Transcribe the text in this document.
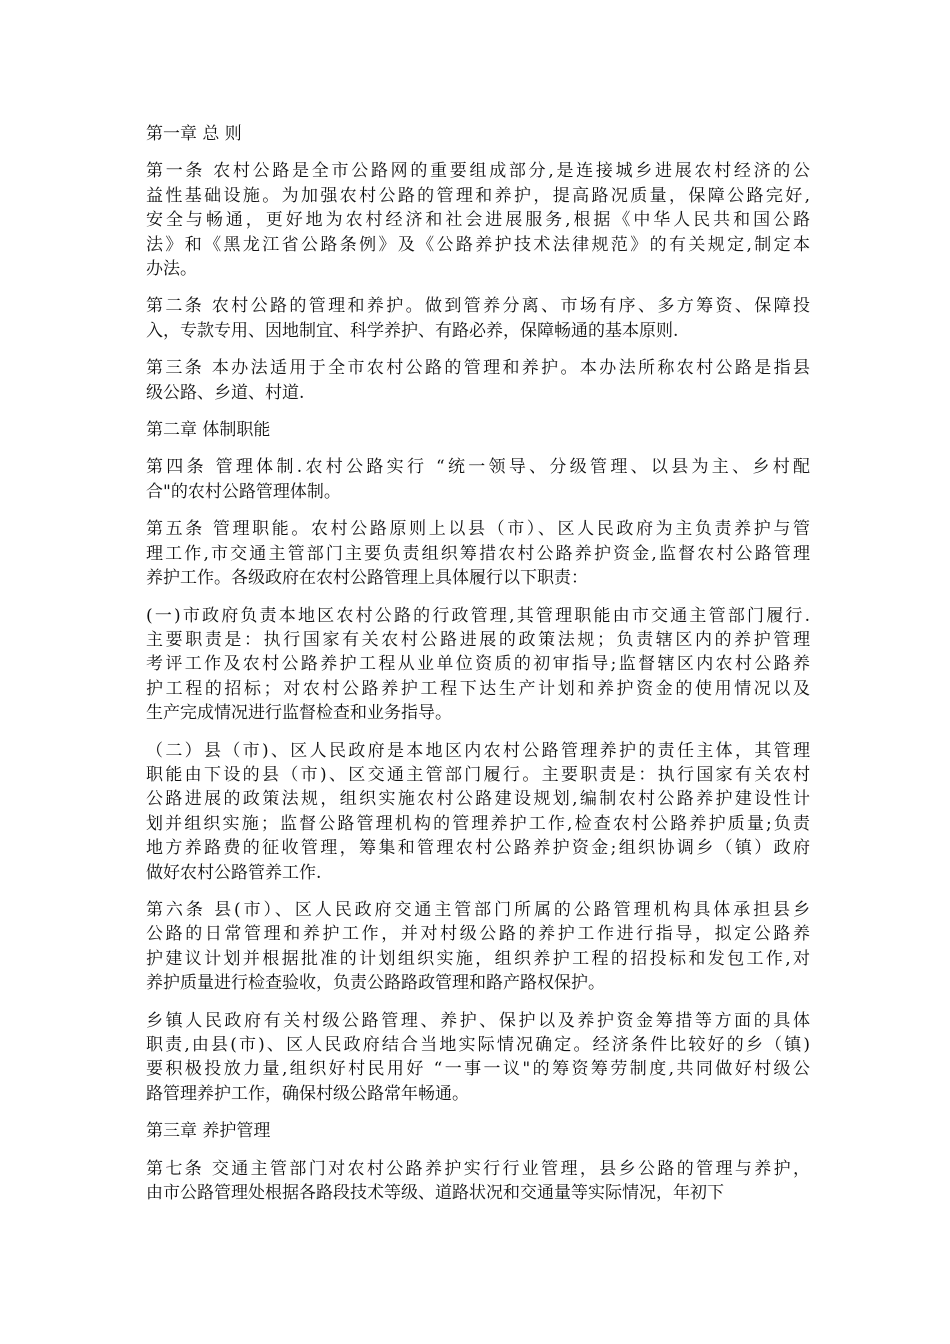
第一章 总 则
第一条 农村公路是全市公路网的重要组成部分,是连接城乡进展农村经济的公
益性基础设施。为加强农村公路的管理和养护，提高路况质量，保障公路完好,
安全与畅通，更好地为农村经济和社会进展服务,根据《中华人民共和国公路
法》和《黑龙江省公路条例》及《公路养护技术法律规范》的有关规定,制定本
办法。
第二条 农村公路的管理和养护。做到管养分离、市场有序、多方筹资、保障投
入，专款专用、因地制宜、科学养护、有路必养，保障畅通的基本原则.
第三条 本办法适用于全市农村公路的管理和养护。本办法所称农村公路是指县
级公路、乡道、村道.
第二章 体制职能
第四条 管理体制.农村公路实行 “统一领导、分级管理、以县为主、乡村配
合"的农村公路管理体制。
第五条 管理职能。农村公路原则上以县（市）、区人民政府为主负责养护与管
理工作,市交通主管部门主要负责组织筹措农村公路养护资金,监督农村公路管理
养护工作。各级政府在农村公路管理上具体履行以下职责：
(一)市政府负责本地区农村公路的行政管理,其管理职能由市交通主管部门履行.
主要职责是：执行国家有关农村公路进展的政策法规；负责辖区内的养护管理
考评工作及农村公路养护工程从业单位资质的初审指导;监督辖区内农村公路养
护工程的招标；对农村公路养护工程下达生产计划和养护资金的使用情况以及
生产完成情况进行监督检查和业务指导。
（二）县（市)、区人民政府是本地区内农村公路管理养护的责任主体，其管理
职能由下设的县（市)、区交通主管部门履行。主要职责是：执行国家有关农村
公路进展的政策法规，组织实施农村公路建设规划,编制农村公路养护建设性计
划并组织实施；监督公路管理机构的管理养护工作,检查农村公路养护质量;负责
地方养路费的征收管理，筹集和管理农村公路养护资金;组织协调乡（镇）政府
做好农村公路管养工作.
第六条 县(市）、区人民政府交通主管部门所属的公路管理机构具体承担县乡
公路的日常管理和养护工作，并对村级公路的养护工作进行指导，拟定公路养
护建议计划并根据批准的计划组织实施，组织养护工程的招投标和发包工作,对
养护质量进行检查验收，负责公路路政管理和路产路权保护。
乡镇人民政府有关村级公路管理、养护、保护以及养护资金筹措等方面的具体
职责,由县(市)、区人民政府结合当地实际情况确定。经济条件比较好的乡（镇)
要积极投放力量,组织好村民用好 “一事一议"的筹资筹劳制度,共同做好村级公
路管理养护工作，确保村级公路常年畅通。
第三章 养护管理
第七条 交通主管部门对农村公路养护实行行业管理，县乡公路的管理与养护，
由市公路管理处根据各路段技术等级、道路状况和交通量等实际情况，年初下
